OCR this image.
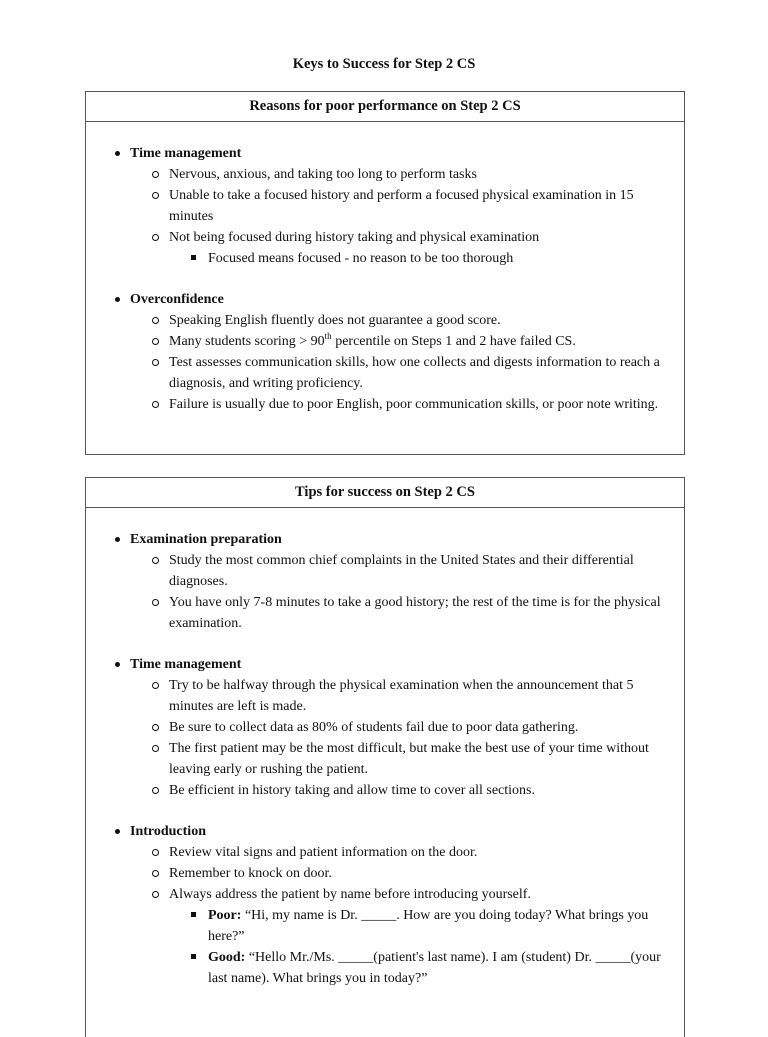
Keys to Success for Step 2 CS
Reasons for poor performance on Step 2 CS
Time management
Nervous, anxious, and taking too long to perform tasks
Unable to take a focused history and perform a focused physical examination in 15 minutes
Not being focused during history taking and physical examination
Focused means focused - no reason to be too thorough
Overconfidence
Speaking English fluently does not guarantee a good score.
Many students scoring > 90th percentile on Steps 1 and 2 have failed CS.
Test assesses communication skills, how one collects and digests information to reach a diagnosis, and writing proficiency.
Failure is usually due to poor English, poor communication skills, or poor note writing.
Tips for success on Step 2 CS
Examination preparation
Study the most common chief complaints in the United States and their differential diagnoses.
You have only 7-8 minutes to take a good history; the rest of the time is for the physical examination.
Time management
Try to be halfway through the physical examination when the announcement that 5 minutes are left is made.
Be sure to collect data as 80% of students fail due to poor data gathering.
The first patient may be the most difficult, but make the best use of your time without leaving early or rushing the patient.
Be efficient in history taking and allow time to cover all sections.
Introduction
Review vital signs and patient information on the door.
Remember to knock on door.
Always address the patient by name before introducing yourself.
Poor: “Hi, my name is Dr. _____. How are you doing today? What brings you here?”
Good: “Hello Mr./Ms. _____(patient's last name). I am (student) Dr. _____(your last name). What brings you in today?”
